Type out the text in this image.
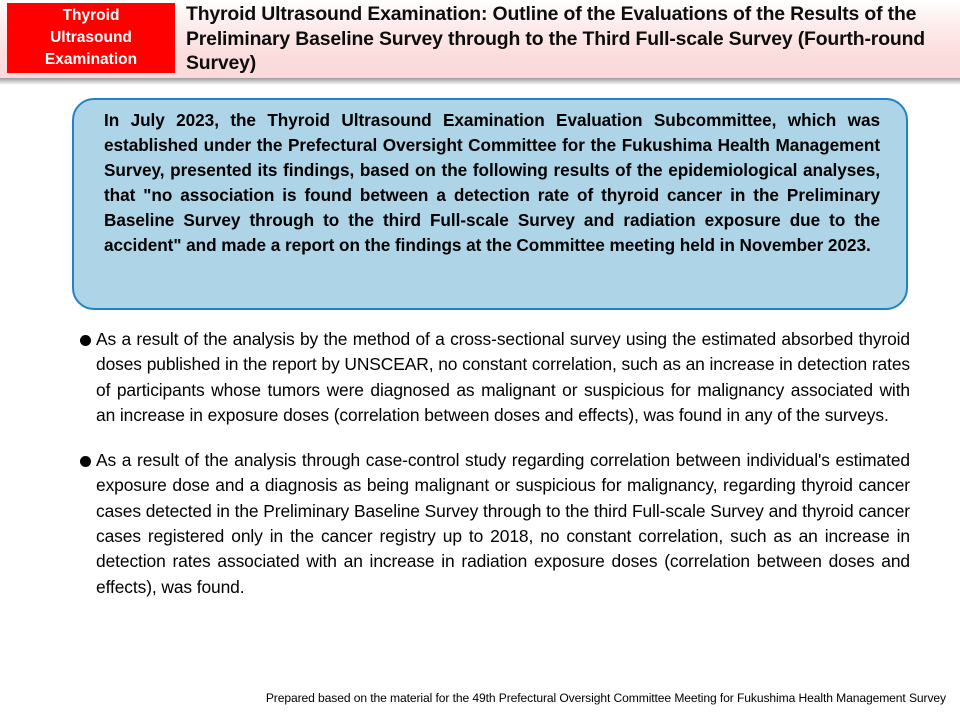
Thyroid
Ultrasound
Examination
Thyroid Ultrasound Examination: Outline of the Evaluations of the Results of the Preliminary Baseline Survey through to the Third Full-scale Survey (Fourth-round Survey)
In July 2023, the Thyroid Ultrasound Examination Evaluation Subcommittee, which was established under the Prefectural Oversight Committee for the Fukushima Health Management Survey, presented its findings, based on the following results of the epidemiological analyses, that "no association is found between a detection rate of thyroid cancer in the Preliminary Baseline Survey through to the third Full-scale Survey and radiation exposure due to the accident" and made a report on the findings at the Committee meeting held in November 2023.
As a result of the analysis by the method of a cross-sectional survey using the estimated absorbed thyroid doses published in the report by UNSCEAR, no constant correlation, such as an increase in detection rates of participants whose tumors were diagnosed as malignant or suspicious for malignancy associated with an increase in exposure doses (correlation between doses and effects), was found in any of the surveys.
As a result of the analysis through case-control study regarding correlation between individual's estimated exposure dose and a diagnosis as being malignant or suspicious for malignancy, regarding thyroid cancer cases detected in the Preliminary Baseline Survey through to the third Full-scale Survey and thyroid cancer cases registered only in the cancer registry up to 2018, no constant correlation, such as an increase in detection rates associated with an increase in radiation exposure doses (correlation between doses and effects), was found.
Prepared based on the material for the 49th Prefectural Oversight Committee Meeting for Fukushima Health Management Survey
